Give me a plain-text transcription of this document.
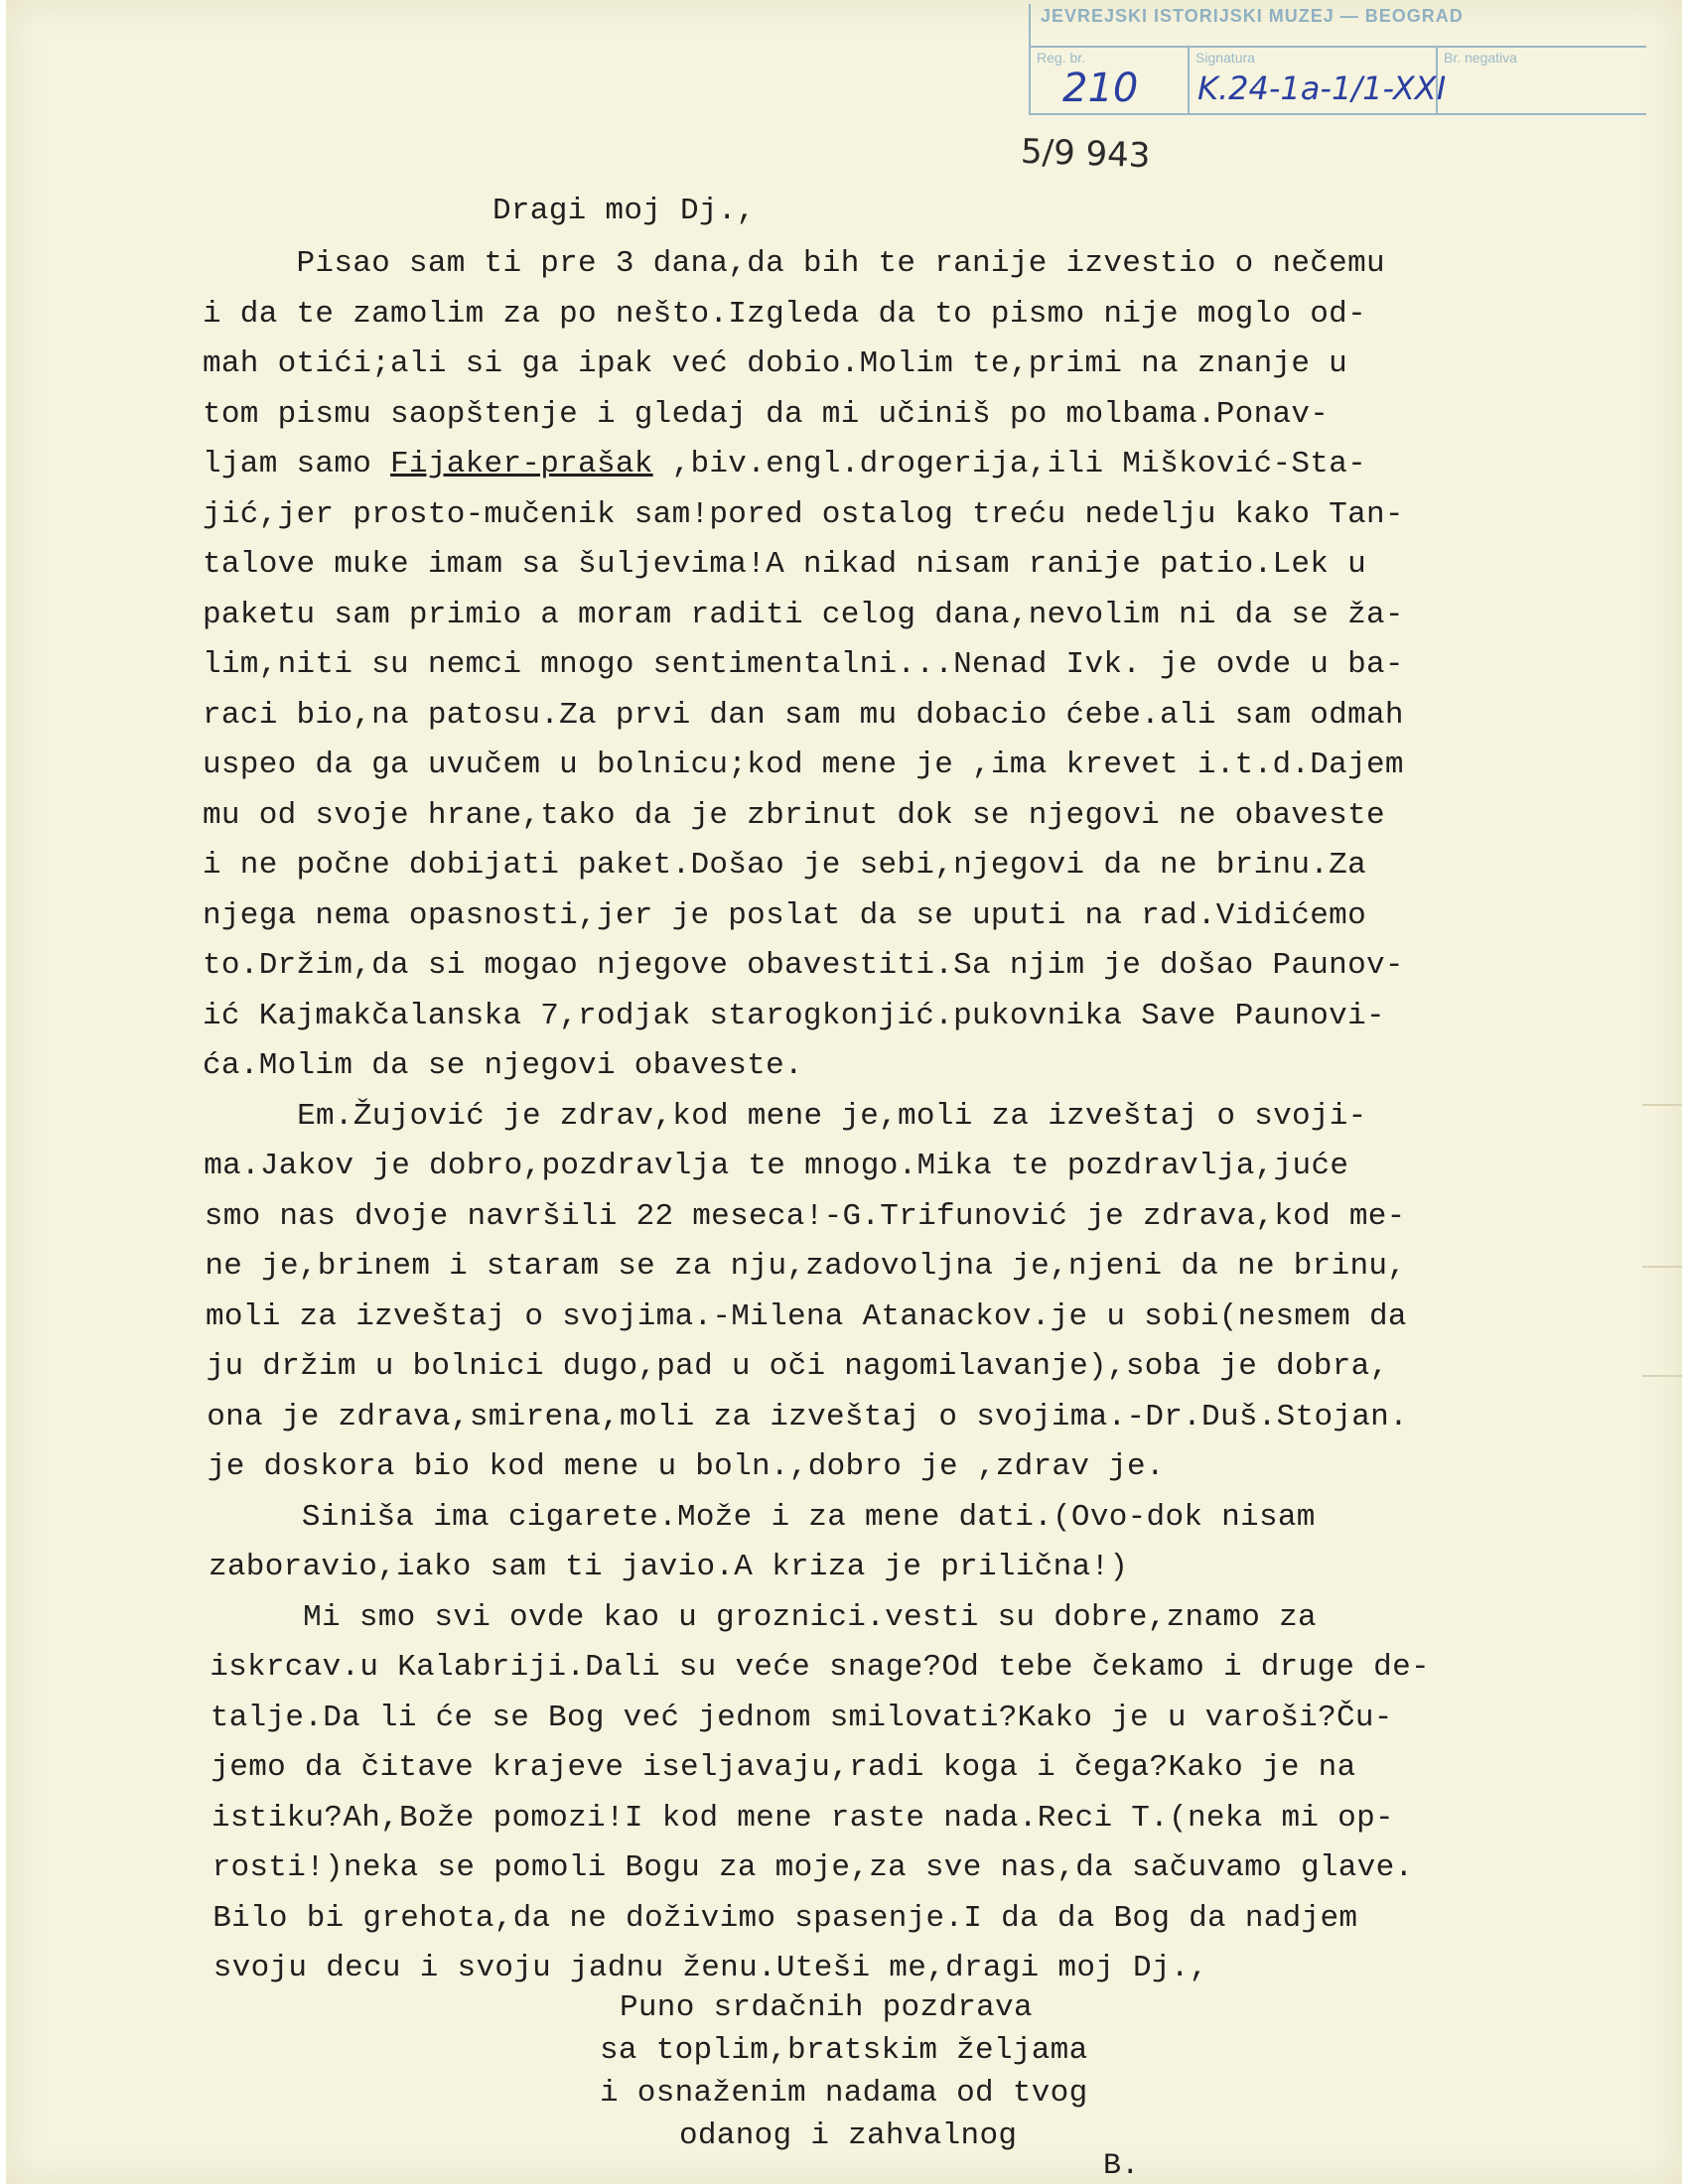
JEVREJSKI ISTORIJSKI MUZEJ — BEOGRAD
Reg. br.	Signatura	Br. negativa
210 K.24-1a-1/1-XXI
5/9 943
Dragi moj Dj.,
Pisao sam ti pre 3 dana,da bih te ranije izvestio o nečemu
i da te zamolim za po nešto.Izgleda da to pismo nije moglo od-
mah otići;ali si ga ipak već dobio.Molim te,primi na znanje u
tom pismu saopštenje i gledaj da mi učiniš po molbama.Ponav-
ljam samo Fijaker-prašak ,biv.engl.drogerija,ili Mišković-Sta-
jić,jer prosto-mučenik sam!pored ostalog treću nedelju kako Tan-
talove muke imam sa šuljevima!A nikad nisam ranije patio.Lek u
paketu sam primio a moram raditi celog dana,nevolim ni da se ža-
lim,niti su nemci mnogo sentimentalni...Nenad Ivk. je ovde u ba-
raci bio,na patosu.Za prvi dan sam mu dobacio ćebe.ali sam odmah
uspeo da ga uvučem u bolnicu;kod mene je ,ima krevet i.t.d.Dajem
mu od svoje hrane,tako da je zbrinut dok se njegovi ne obaveste
i ne počne dobijati paket.Došao je sebi,njegovi da ne brinu.Za
njega nema opasnosti,jer je poslat da se uputi na rad.Vidićemo
to.Držim,da si mogao njegove obavestiti.Sa njim je došao Paunov-
ić Kajmakčalanska 7,rodjak starogkonjić.pukovnika Save Paunovi-
ća.Molim da se njegovi obaveste.
Em.Žujović je zdrav,kod mene je,moli za izveštaj o svoji-
ma.Jakov je dobro,pozdravlja te mnogo.Mika te pozdravlja,juće
smo nas dvoje navršili 22 meseca!-G.Trifunović je zdrava,kod me-
ne je,brinem i staram se za nju,zadovoljna je,njeni da ne brinu,
moli za izveštaj o svojima.-Milena Atanackov.je u sobi(nesmem da
ju držim u bolnici dugo,pad u oči nagomilavanje),soba je dobra,
ona je zdrava,smirena,moli za izveštaj o svojima.-Dr.Duš.Stojan.
je doskora bio kod mene u boln.,dobro je ,zdrav je.
Siniša ima cigarete.Može i za mene dati.(Ovo-dok nisam
zaboravio,iako sam ti javio.A kriza je prilična!)
Mi smo svi ovde kao u groznici.vesti su dobre,znamo za
iskrcav.u Kalabriji.Dali su veće snage?Od tebe čekamo i druge de-
talje.Da li će se Bog već jednom smilovati?Kako je u varoši?Ču-
jemo da čitave krajeve iseljavaju,radi koga i čega?Kako je na
istiku?Ah,Bože pomozi!I kod mene raste nada.Reci T.(neka mi op-
rosti!)neka se pomoli Bogu za moje,za sve nas,da sačuvamo glave.
Bilo bi grehota,da ne doživimo spasenje.I da da Bog da nadjem
svoju decu i svoju jadnu ženu.Uteši me,dragi moj Dj.,
Puno srdačnih pozdrava
sa toplim,bratskim željama
i osnaženim nadama od tvog
odanog i zahvalnog
B.
